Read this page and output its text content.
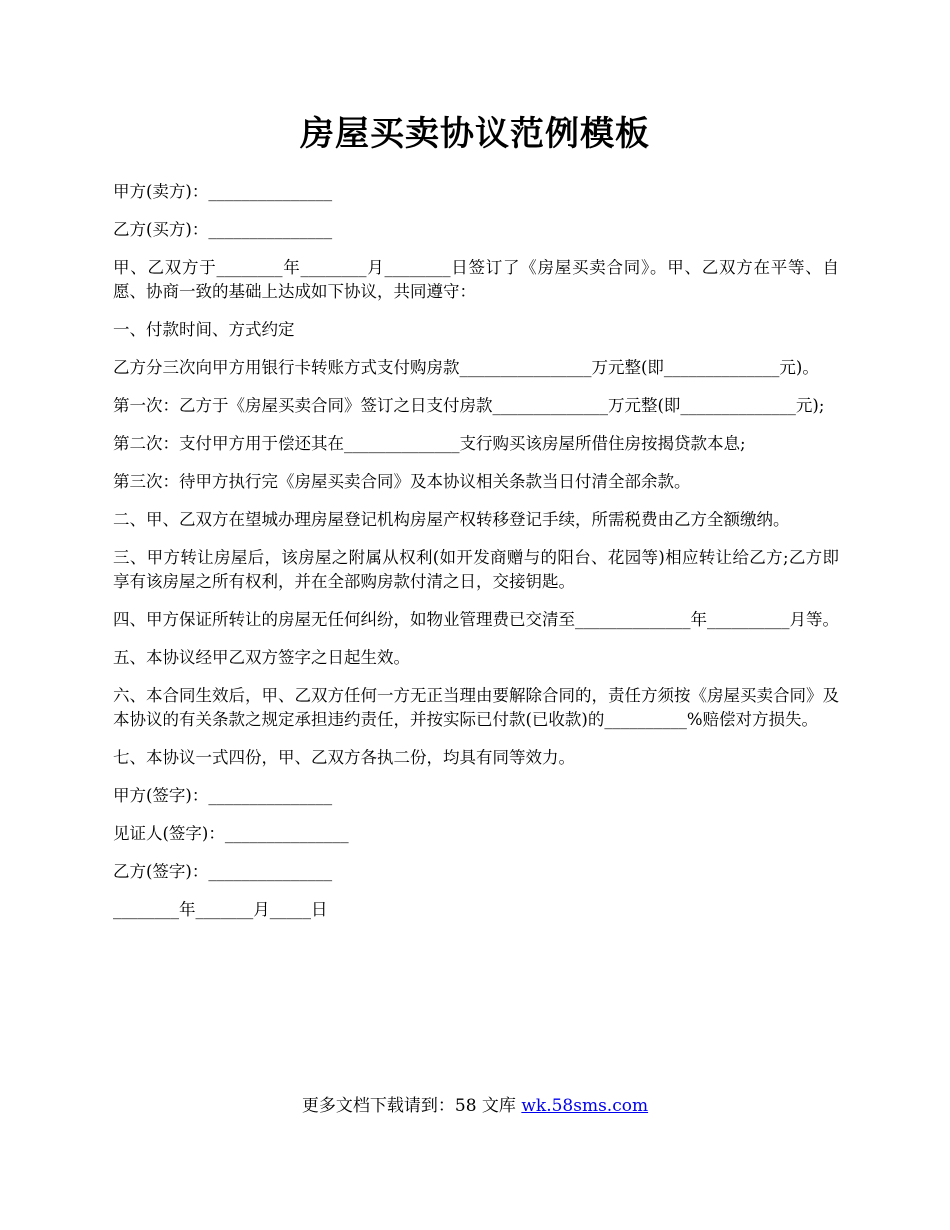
房屋买卖协议范例模板

甲方(卖方)：_______________

乙方(买方)：_______________

甲、乙双方于________年________月________日签订了《房屋买卖合同》。甲、乙双方在平等、自愿、协商一致的基础上达成如下协议，共同遵守：

一、付款时间、方式约定

乙方分三次向甲方用银行卡转账方式支付购房款________________万元整(即______________元)。

第一次：乙方于《房屋买卖合同》签订之日支付房款______________万元整(即______________元);

第二次：支付甲方用于偿还其在______________支行购买该房屋所借住房按揭贷款本息;

第三次：待甲方执行完《房屋买卖合同》及本协议相关条款当日付清全部余款。

二、甲、乙双方在望城办理房屋登记机构房屋产权转移登记手续，所需税费由乙方全额缴纳。

三、甲方转让房屋后，该房屋之附属从权利(如开发商赠与的阳台、花园等)相应转让给乙方;乙方即享有该房屋之所有权利，并在全部购房款付清之日，交接钥匙。

四、甲方保证所转让的房屋无任何纠纷，如物业管理费已交清至______________年__________月等。

五、本协议经甲乙双方签字之日起生效。

六、本合同生效后，甲、乙双方任何一方无正当理由要解除合同的，责任方须按《房屋买卖合同》及本协议的有关条款之规定承担违约责任，并按实际已付款(已收款)的__________%赔偿对方损失。

七、本协议一式四份，甲、乙双方各执二份，均具有同等效力。

甲方(签字)：_______________

见证人(签字)：_______________

乙方(签字)：_______________

________年_______月_____日

更多文档下载请到：58 文库 wk.58sms.com
